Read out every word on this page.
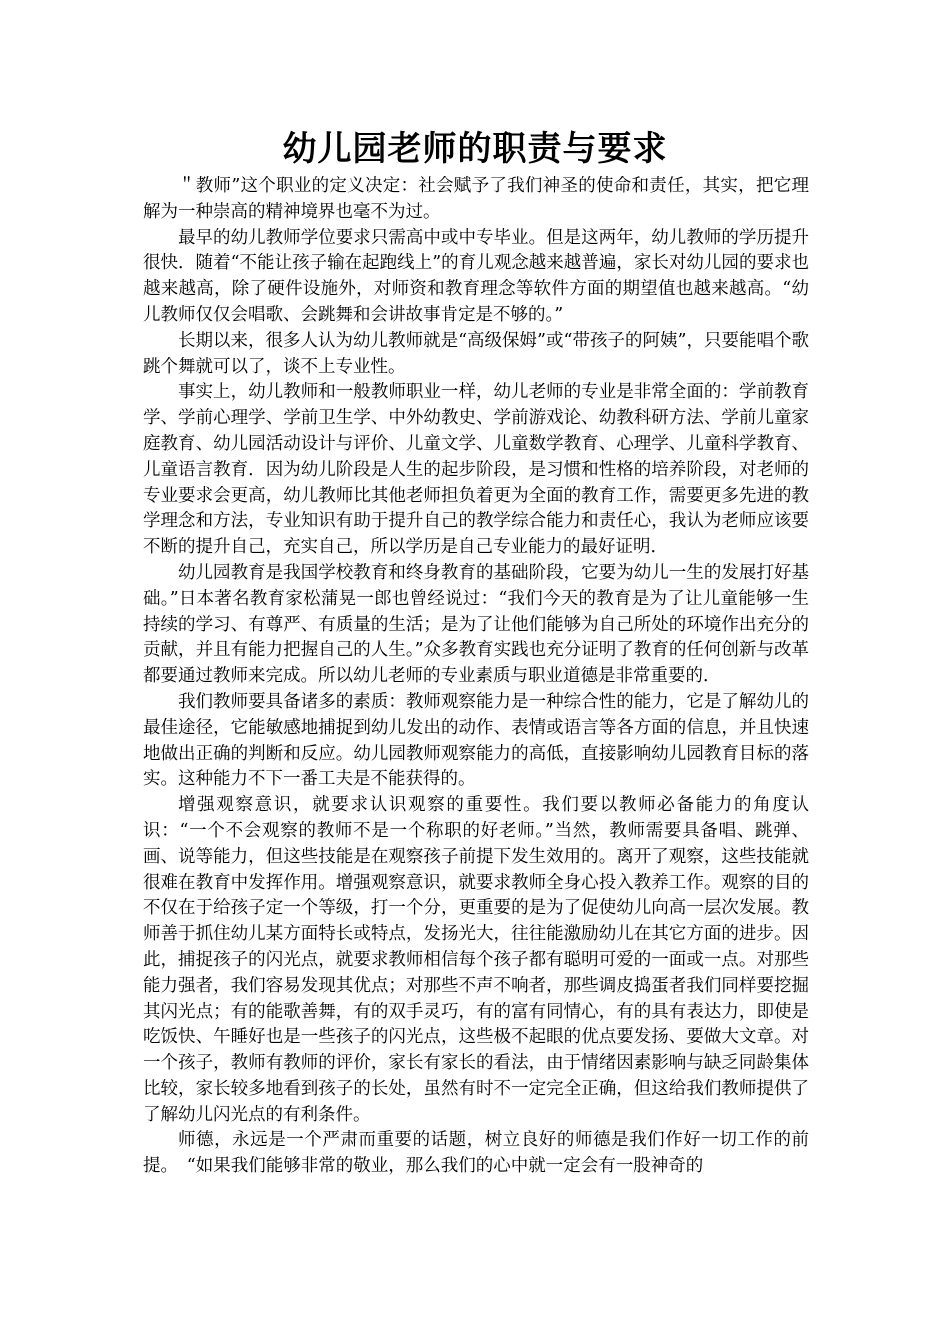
幼儿园老师的职责与要求

＂教师”这个职业的定义决定：社会赋予了我们神圣的使命和责任，其实，把它理解为一种崇高的精神境界也毫不为过。

最早的幼儿教师学位要求只需高中或中专毕业。但是这两年，幼儿教师的学历提升很快．随着“不能让孩子输在起跑线上”的育儿观念越来越普遍，家长对幼儿园的要求也越来越高，除了硬件设施外，对师资和教育理念等软件方面的期望值也越来越高。“幼儿教师仅仅会唱歌、会跳舞和会讲故事肯定是不够的。”

长期以来，很多人认为幼儿教师就是“高级保姆”或“带孩子的阿姨”，只要能唱个歌跳个舞就可以了，谈不上专业性。

事实上，幼儿教师和一般教师职业一样，幼儿老师的专业是非常全面的：学前教育学、学前心理学、学前卫生学、中外幼教史、学前游戏论、幼教科研方法、学前儿童家庭教育、幼儿园活动设计与评价、儿童文学、儿童数学教育、心理学、儿童科学教育、儿童语言教育．因为幼儿阶段是人生的起步阶段，是习惯和性格的培养阶段，对老师的专业要求会更高，幼儿教师比其他老师担负着更为全面的教育工作，需要更多先进的教学理念和方法，专业知识有助于提升自己的教学综合能力和责任心，我认为老师应该要不断的提升自己，充实自己，所以学历是自己专业能力的最好证明．

幼儿园教育是我国学校教育和终身教育的基础阶段，它要为幼儿一生的发展打好基础。”日本著名教育家松蒲晃一郎也曾经说过：“我们今天的教育是为了让儿童能够一生持续的学习、有尊严、有质量的生活；是为了让他们能够为自己所处的环境作出充分的贡献，并且有能力把握自己的人生。”众多教育实践也充分证明了教育的任何创新与改革都要通过教师来完成。所以幼儿老师的专业素质与职业道德是非常重要的．

我们教师要具备诸多的素质：教师观察能力是一种综合性的能力，它是了解幼儿的最佳途径，它能敏感地捕捉到幼儿发出的动作、表情或语言等各方面的信息，并且快速地做出正确的判断和反应。幼儿园教师观察能力的高低，直接影响幼儿园教育目标的落实。这种能力不下一番工夫是不能获得的。

增强观察意识，就要求认识观察的重要性。我们要以教师必备能力的角度认识：“一个不会观察的教师不是一个称职的好老师。”当然，教师需要具备唱、跳弹、画、说等能力，但这些技能是在观察孩子前提下发生效用的。离开了观察，这些技能就很难在教育中发挥作用。增强观察意识，就要求教师全身心投入教养工作。观察的目的不仅在于给孩子定一个等级，打一个分，更重要的是为了促使幼儿向高一层次发展。教师善于抓住幼儿某方面特长或特点，发扬光大，往往能激励幼儿在其它方面的进步。因此，捕捉孩子的闪光点，就要求教师相信每个孩子都有聪明可爱的一面或一点。对那些能力强者，我们容易发现其优点；对那些不声不响者，那些调皮捣蛋者我们同样要挖掘其闪光点；有的能歌善舞，有的双手灵巧，有的富有同情心，有的具有表达力，即使是吃饭快、午睡好也是一些孩子的闪光点，这些极不起眼的优点要发扬、要做大文章。对一个孩子，教师有教师的评价，家长有家长的看法，由于情绪因素影响与缺乏同龄集体比较，家长较多地看到孩子的长处，虽然有时不一定完全正确，但这给我们教师提供了了解幼儿闪光点的有利条件。

师德，永远是一个严肃而重要的话题，树立良好的师德是我们作好一切工作的前提。　“如果我们能够非常的敬业，那么我们的心中就一定会有一股神奇的
